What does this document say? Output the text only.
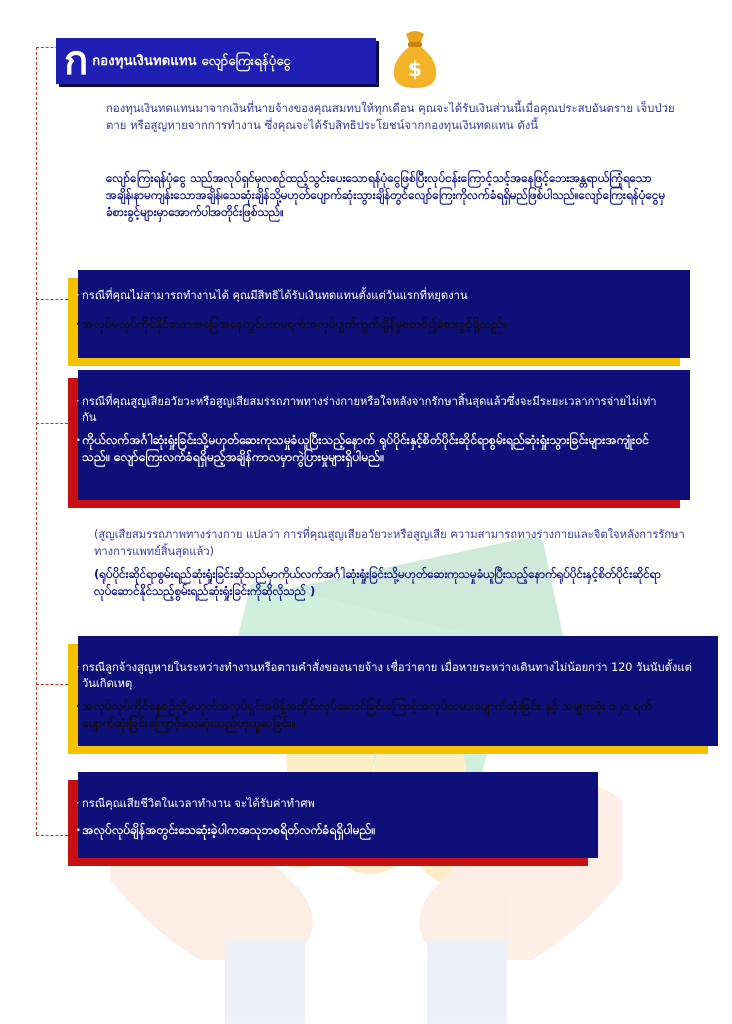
ก กองทุนเงินทดแทน လျော်ကြေးရန်ပုံငွေ	$

กองทุนเงินทดแทนมาจากเงินที่นายจ้างของคุณสมทบให้ทุกเดือน คุณจะได้รับเงินส่วนนี้เมื่อคุณประสบอันตราย เจ็บป่วย ตาย หรือสูญหายจากการทำงาน ซึ่งคุณจะได้รับสิทธิประโยชน์จากกองทุนเงินทดแทน ดังนี้

လျော်ကြေးရန်ပုံငွေ သည်အလုပ်ရှင်မှလစဉ်ထည့်သွင်းပေးသောရန်ပုံငွေဖြစ်ပြီးလုပ်ငန်းကြောင့်သင့်အနေဖြင့်ဘေးအန္တရာယ်ကြုံရသောအချိန်၊နာမကျန်းသောအချိန်၊သေဆုံးချိန်သို့မဟုတ်ပျောက်ဆုံးသွားချိန်တွင်လျော်ကြေးကိုလက်ခံရရှိမည်ဖြစ်ပါသည်။လျော်ကြေးရန်ပုံငွေမှခံစားခွင့်များမှာအောက်ပါအတိုင်းဖြစ်သည်။

· กรณีที่คุณไม่สามารถทำงานได้ คุณมีสิทธิได้รับเงินทดแทนตั้งแต่วันแรกที่หยุดงาน

· အလုပ်မလုပ်ကိုင်နိုင်သောအခြေအနေတွင်ပထမရက်အလုပ်ပျက်ကွက်ချိန်မှစတင်၍ခံစားခွင့်ရှိသည်။

· กรณีที่คุณสูญเสียอวัยวะหรือสูญเสียสมรรถภาพทางร่างกายหรือใจหลังจากรักษาสิ้นสุดแล้วซึ่งจะมีระยะเวลาการจ่ายไม่เท่ากัน

· ကိုယ်လက်အင်္ဂါဆုံးရှုံးခြင်းသို့မဟုတ်ဆေးကုသမှုခံယူပြီးသည့်နောက် ရုပ်ပိုင်းနှင့်စိတ်ပိုင်းဆိုင်ရာစွမ်းရည်ဆုံးရှုံးသွားခြင်းများအကျုံးဝင်သည်။ လျော်ကြေးလက်ခံရရှိမည့်အချိန်ကာလမှာကွဲပြားမှုများရှိပါမည်။

(สูญเสียสมรรถภาพทางร่างกาย แปลว่า การที่คุณสูญเสียอวัยวะหรือสูญเสีย ความสามารถทางร่างกายและจิตใจหลังการรักษาทางการแพทย์สิ้นสุดแล้ว)

(ရုပ်ပိုင်းဆိုင်ရာစွမ်းရည်ဆုံးရှုံးခြင်းဆိုသည်မှာကိုယ်လက်အင်္ဂါဆုံးရှုံးခြင်းသို့မဟုတ်ဆေးကုသမှုခံယူပြီးသည့်နောက်ရုပ်ပိုင်းနှင့်စိတ်ပိုင်းဆိုင်ရာလုပ်ဆောင်နိုင်သည့်စွမ်းရည်ဆုံးရှုံးခြင်းကိုဆိုလိုသည် )

· กรณีลูกจ้างสูญหายในระหว่างทำงานหรือตามคำสั่งของนายจ้าง เชื่อว่าตาย เมื่อหายระหว่างเดินทางไม่น้อยกว่า 120 วันนับตั้งแต่วันเกิดเหตุ

· အလုပ်လုပ်ကိုင်နေစဉ်သို့မဟုတ်အလုပ်ရှင်အမိန့်အတိုင်းလုပ်ဆောင်ခြင်းကြောင့်အလုပ်သမားပျောက်ဆုံးခြင်း နှင့် အများဆုံး ၁၂၀ ရက်ပျောက်ဆုံးခြင်းကြောင့်သေဆုံးသည်ဟုယူဆခြင်း။

· กรณีคุณเสียชีวิตในเวลาทำงาน จะได้รับค่าทำศพ

· အလုပ်လုပ်ချိန်အတွင်းသေဆုံးခဲ့ပါကအသုဘစရိတ်လက်ခံရရှိပါမည်။
